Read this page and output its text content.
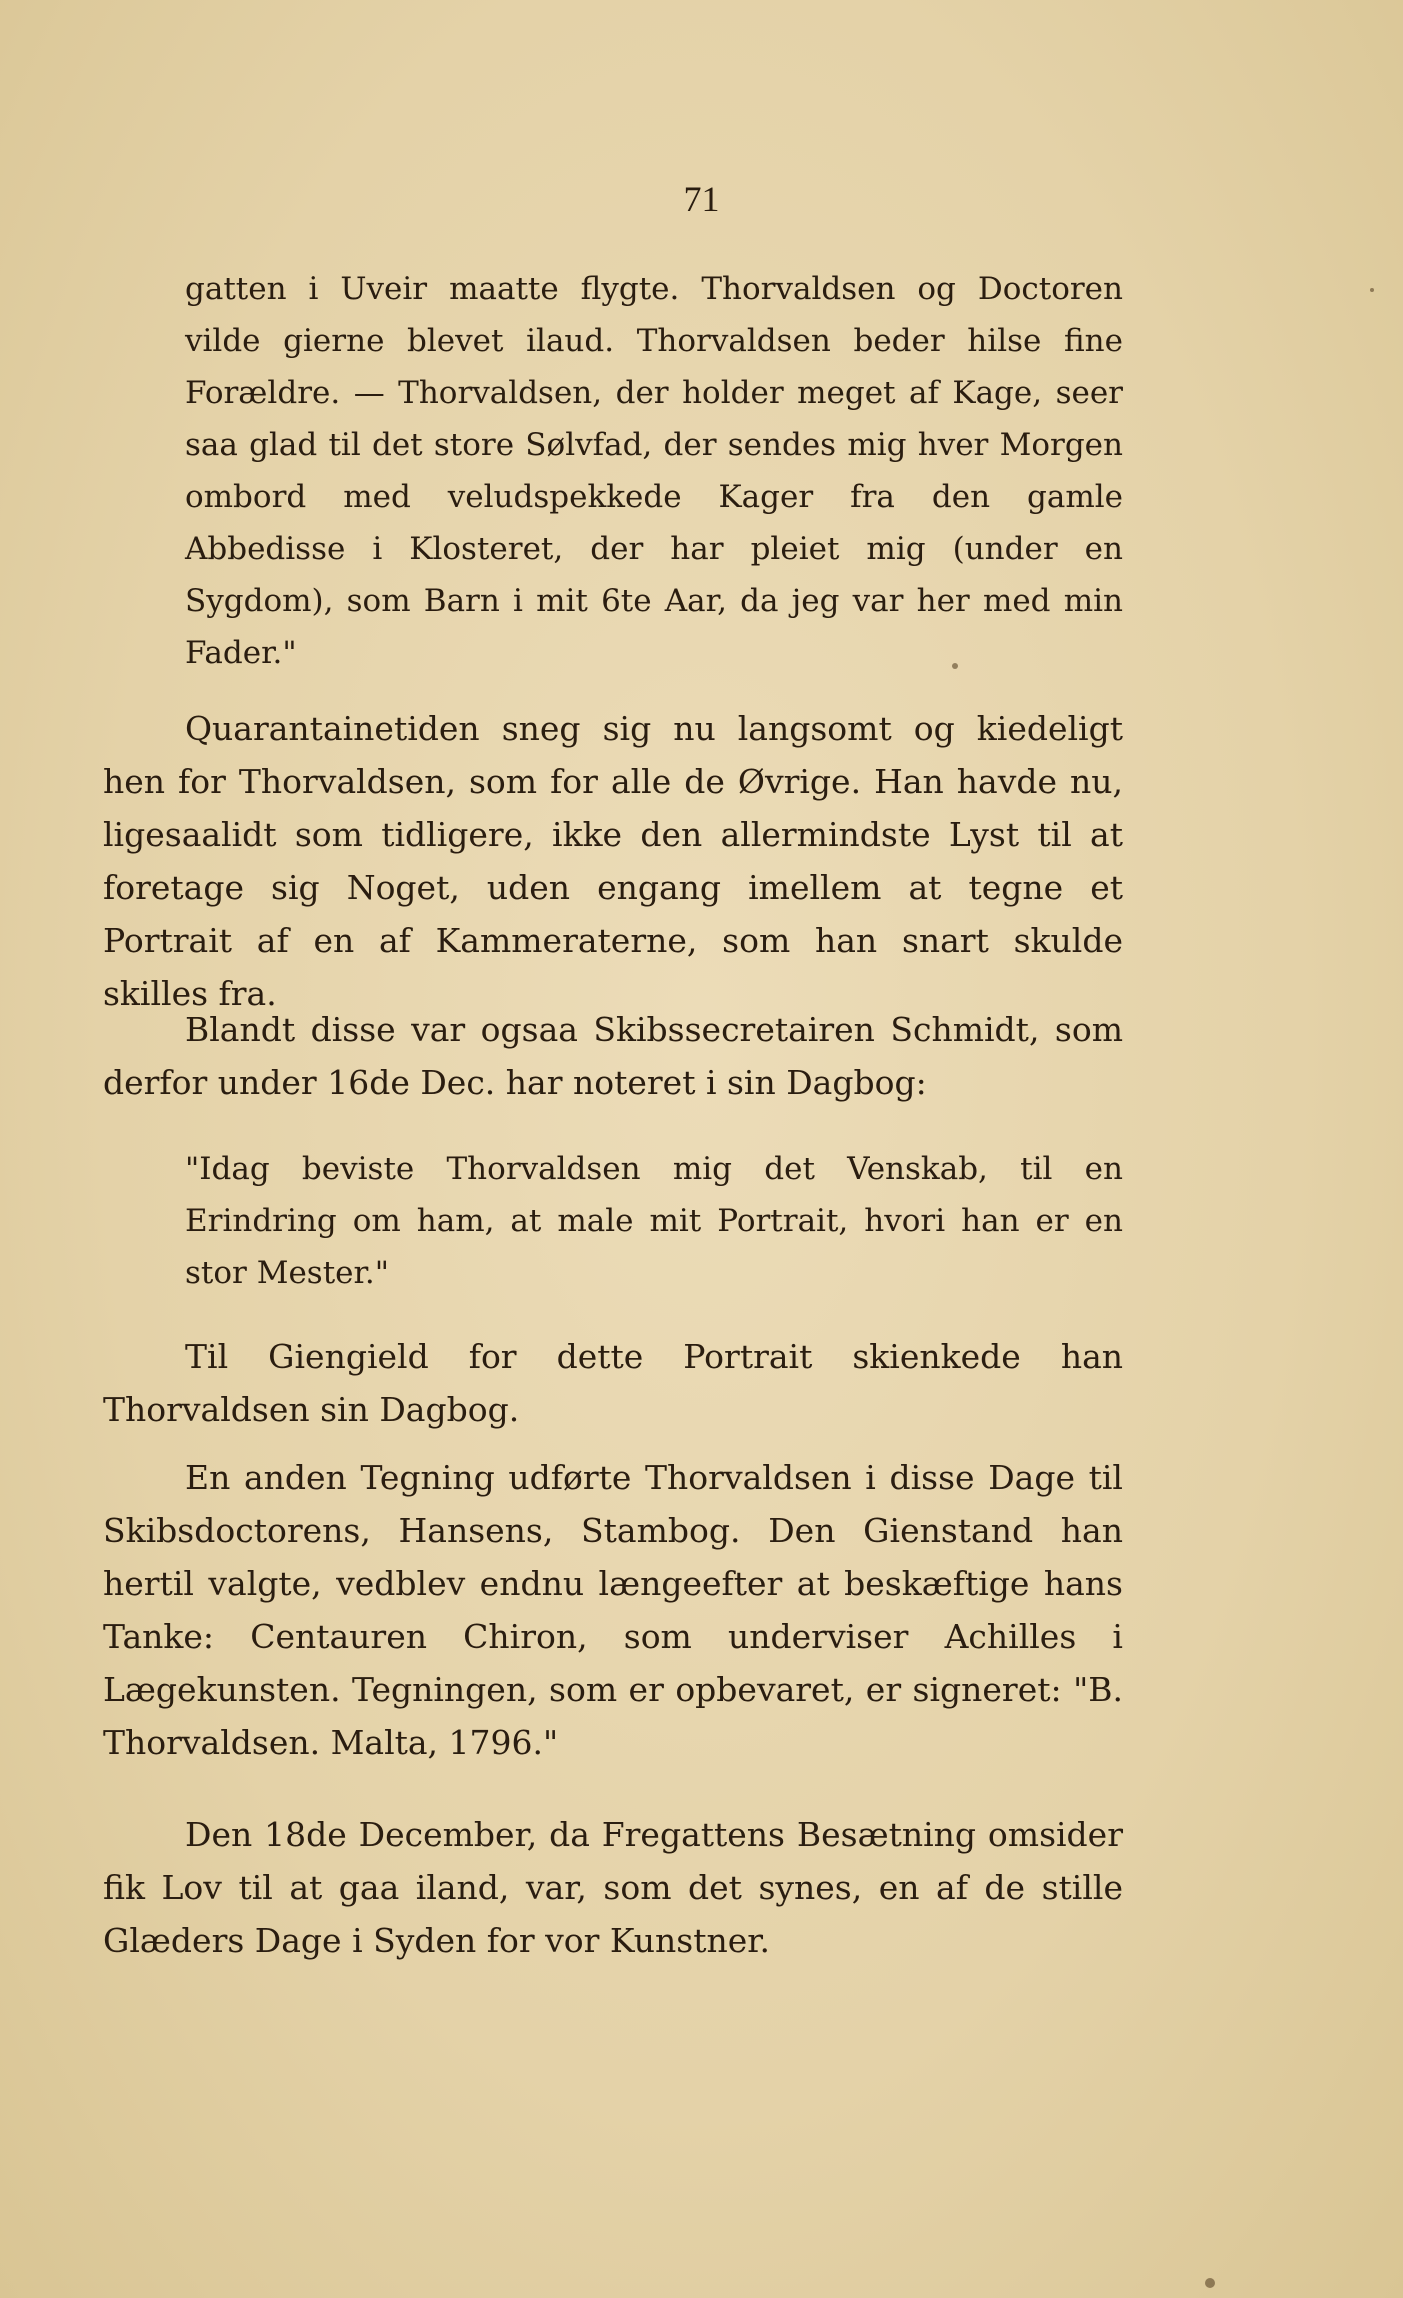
71

gatten i Uveir maatte flygte. Thorvaldsen og Doctoren vilde gierne blevet ilaud. Thorvaldsen beder hilse fine Forældre. — Thorvaldsen, der holder meget af Kage, seer saa glad til det store Sølvfad, der sendes mig hver Morgen ombord med veludspekkede Kager fra den gamle Abbedisse i Klosteret, der har pleiet mig (under en Sygdom), som Barn i mit 6te Aar, da jeg var her med min Fader."

Quarantainetiden sneg sig nu langsomt og kiedeligt hen for Thorvaldsen, som for alle de Øvrige. Han havde nu, ligesaalidt som tidligere, ikke den allermindste Lyst til at foretage sig Noget, uden engang imellem at tegne et Portrait af en af Kammeraterne, som han snart skulde skilles fra.

Blandt disse var ogsaa Skibssecretairen Schmidt, som derfor under 16de Dec. har noteret i sin Dagbog:

"Idag beviste Thorvaldsen mig det Venskab, til en Erindring om ham, at male mit Portrait, hvori han er en stor Mester."

Til Giengield for dette Portrait skienkede han Thorvaldsen sin Dagbog.

En anden Tegning udførte Thorvaldsen i disse Dage til Skibsdoctorens, Hansens, Stambog. Den Gienstand han hertil valgte, vedblev endnu længeefter at beskæftige hans Tanke: Centauren Chiron, som underviser Achilles i Lægekunsten. Tegningen, som er opbevaret, er signeret: "B. Thorvaldsen. Malta, 1796."

Den 18de December, da Fregattens Besætning omsider fik Lov til at gaa iland, var, som det synes, en af de stille Glæders Dage i Syden for vor Kunstner.
